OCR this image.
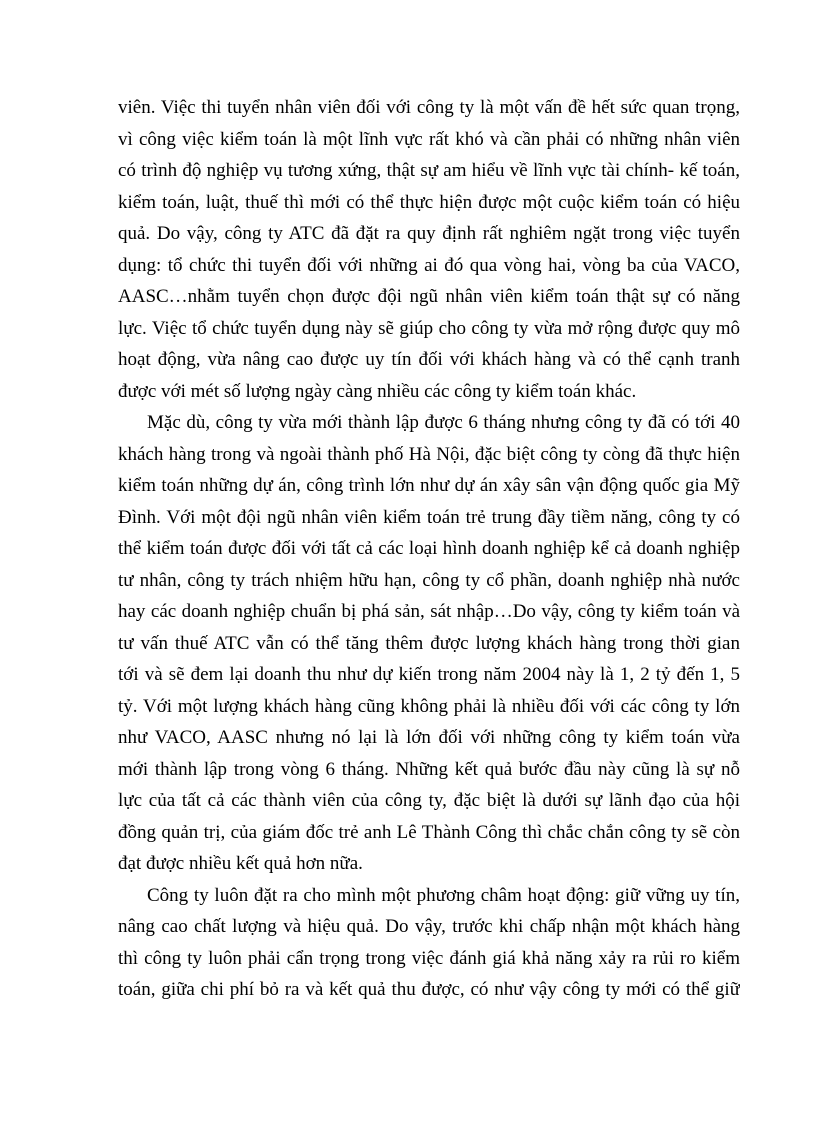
viên. Việc thi tuyển nhân viên đối với công ty là một vấn đề hết sức quan trọng,
vì công việc kiểm toán là một lĩnh vực rất khó và cần phải có những nhân viên
có trình độ nghiệp vụ tương xứng, thật sự am hiểu về lĩnh vực tài chính- kế toán,
kiểm toán, luật, thuế thì mới có thể thực hiện được một cuộc kiểm toán có hiệu
quả. Do vậy, công ty ATC đã đặt ra quy định rất nghiêm ngặt trong việc tuyển
dụng: tổ chức thi tuyển đối với những ai đó qua vòng hai, vòng ba của VACO,
AASC…nhằm tuyển chọn được đội ngũ nhân viên kiểm toán thật sự có năng
lực. Việc tổ chức tuyển dụng này sẽ giúp cho công ty vừa mở rộng được quy mô
hoạt động, vừa nâng cao được uy tín đối với khách hàng và có thể cạnh tranh
được với mét số lượng ngày càng nhiều các công ty kiểm toán khác.
Mặc dù, công ty vừa mới thành lập được 6 tháng nhưng công ty đã có tới 40
khách hàng trong và ngoài thành phố Hà Nội, đặc biệt công ty còng đã thực hiện
kiểm toán những dự án, công trình lớn như dự án xây sân vận động quốc gia Mỹ
Đình. Với một đội ngũ nhân viên kiểm toán trẻ trung đầy tiềm năng, công ty có
thể kiểm toán được đối với tất cả các loại hình doanh nghiệp kể cả doanh nghiệp
tư nhân, công ty trách nhiệm hữu hạn, công ty cổ phần, doanh nghiệp nhà nước
hay các doanh nghiệp chuẩn bị phá sản, sát nhập…Do vậy, công ty kiểm toán và
tư vấn thuế ATC vẫn có thể tăng thêm được lượng khách hàng trong thời gian
tới và sẽ đem lại doanh thu như dự kiến trong năm 2004 này là 1, 2 tỷ đến 1, 5
tỷ. Với một lượng khách hàng cũng không phải là nhiều đối với các công ty lớn
như VACO, AASC nhưng nó lại là lớn đối với những công ty kiểm toán vừa
mới thành lập trong vòng 6 tháng. Những kết quả bước đầu này cũng là sự nỗ
lực của tất cả các thành viên của công ty, đặc biệt là dưới sự lãnh đạo của hội
đồng quản trị, của giám đốc trẻ anh Lê Thành Công thì chắc chắn công ty sẽ còn
đạt được nhiều kết quả hơn nữa.
Công ty luôn đặt ra cho mình một phương châm hoạt động: giữ vững uy tín,
nâng cao chất lượng và hiệu quả. Do vậy, trước khi chấp nhận một khách hàng
thì công ty luôn phải cẩn trọng trong việc đánh giá khả năng xảy ra rủi ro kiểm
toán, giữa chi phí bỏ ra và kết quả thu được, có như vậy công ty mới có thể giữ
